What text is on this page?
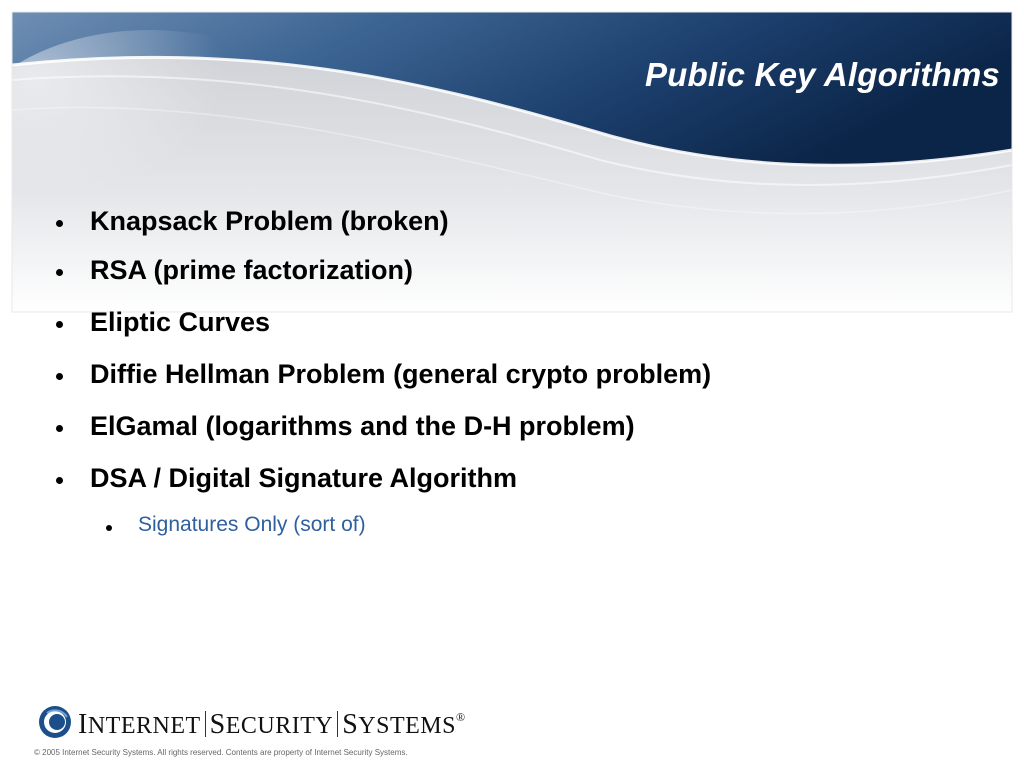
Public Key Algorithms
Knapsack Problem (broken)
RSA (prime factorization)
Eliptic Curves
Diffie Hellman Problem (general crypto problem)
ElGamal (logarithms and the D-H problem)
DSA / Digital Signature Algorithm
Signatures Only (sort of)
INTERNET SECURITY SYSTEMS®
© 2005 Internet Security Systems. All rights reserved. Contents are property of Internet Security Systems.
